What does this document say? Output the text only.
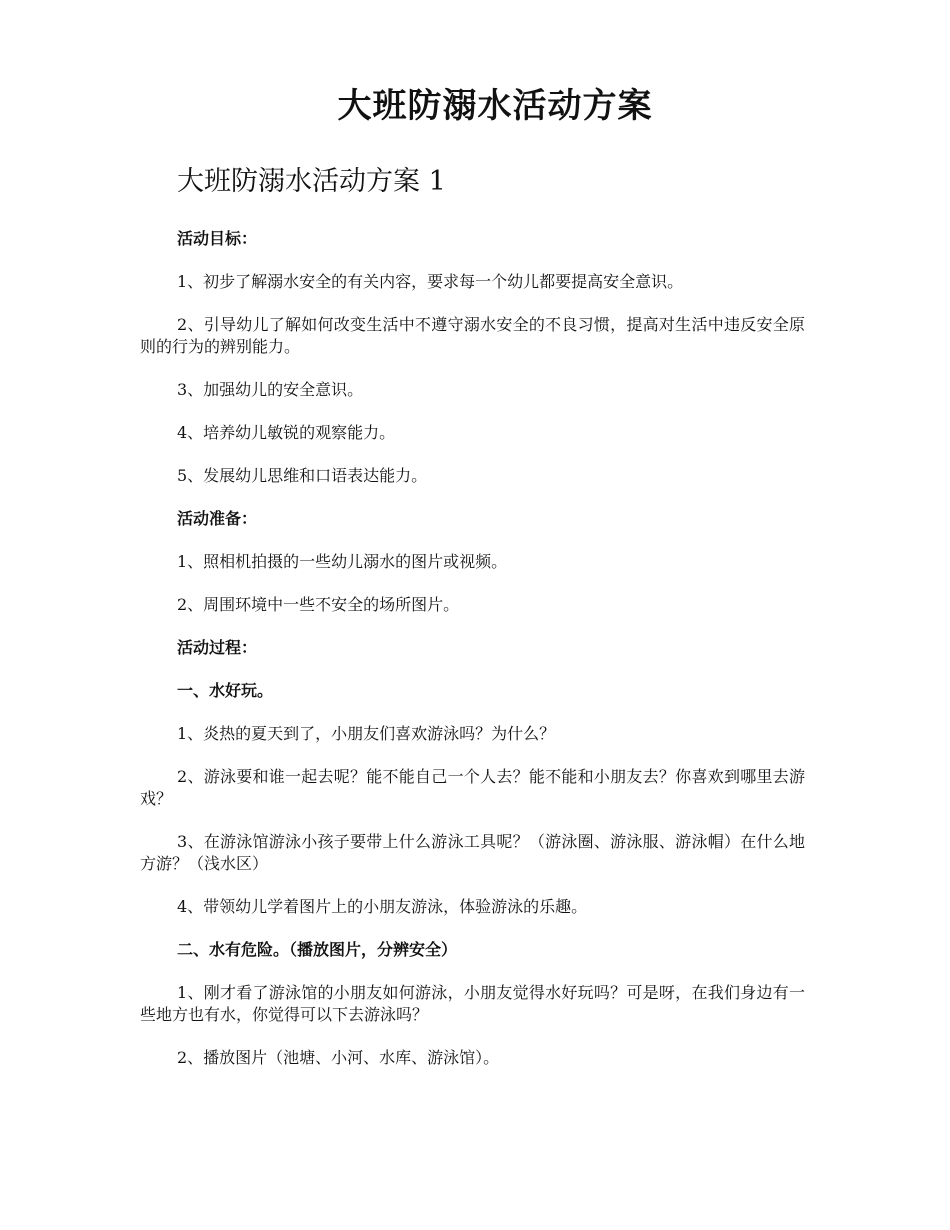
大班防溺水活动方案
大班防溺水活动方案 1

活动目标：

1、初步了解溺水安全的有关内容，要求每一个幼儿都要提高安全意识。

2、引导幼儿了解如何改变生活中不遵守溺水安全的不良习惯，提高对生活中违反安全原则的行为的辨别能力。

3、加强幼儿的安全意识。

4、培养幼儿敏锐的观察能力。

5、发展幼儿思维和口语表达能力。

活动准备：

1、照相机拍摄的一些幼儿溺水的图片或视频。

2、周围环境中一些不安全的场所图片。

活动过程：

一、水好玩。

1、炎热的夏天到了，小朋友们喜欢游泳吗？为什么？

2、游泳要和谁一起去呢？能不能自己一个人去？能不能和小朋友去？你喜欢到哪里去游戏？

3、在游泳馆游泳小孩子要带上什么游泳工具呢？（游泳圈、游泳服、游泳帽）在什么地方游？（浅水区）

4、带领幼儿学着图片上的小朋友游泳，体验游泳的乐趣。

二、水有危险。（播放图片，分辨安全）

1、刚才看了游泳馆的小朋友如何游泳，小朋友觉得水好玩吗？可是呀，在我们身边有一些地方也有水，你觉得可以下去游泳吗？

2、播放图片（池塘、小河、水库、游泳馆）。
